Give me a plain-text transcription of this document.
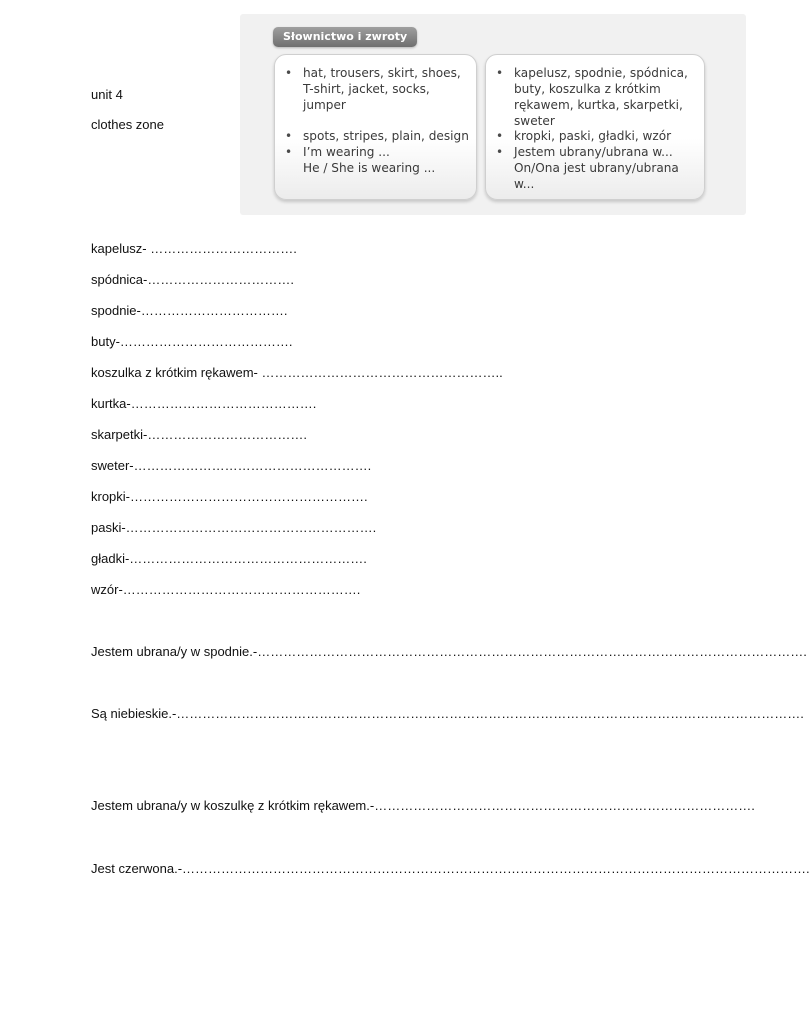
unit 4
clothes zone
Słownictwo i zwroty
• hat, trousers, skirt, shoes,
T-shirt, jacket, socks, jumper
• spots, stripes, plain, design
• I’m wearing ...
He / She is wearing ...
• kapelusz, spodnie, spódnica,
buty, koszulka z krótkim
rękawem, kurtka, skarpetki,
sweter
• kropki, paski, gładki, wzór
• Jestem ubrany/ubrana w...
On/Ona jest ubrany/ubrana w...
kapelusz- …………………………….
spódnica-…………………………….
spodnie-…………………………….
buty-………………………………….
koszulka z krótkim rękawem- ………………………………………………..
kurtka-…………………………………….
skarpetki-……………………………….
sweter-……………………………………………….
kropki-……………………………………………….
paski-………………………………………………….
gładki-……………………………………………….
wzór-……………………………………………….
Jestem ubrana/y w spodnie.-……………………………………………………………………………………………………………….
Są niebieskie.-……………………………………………………………………………………………………………………………….
Jestem ubrana/y w koszulkę z krótkim rękawem.-…………………………………………………………………………….
Jest czerwona.-……………………………………………………………………………………………………………………………….
